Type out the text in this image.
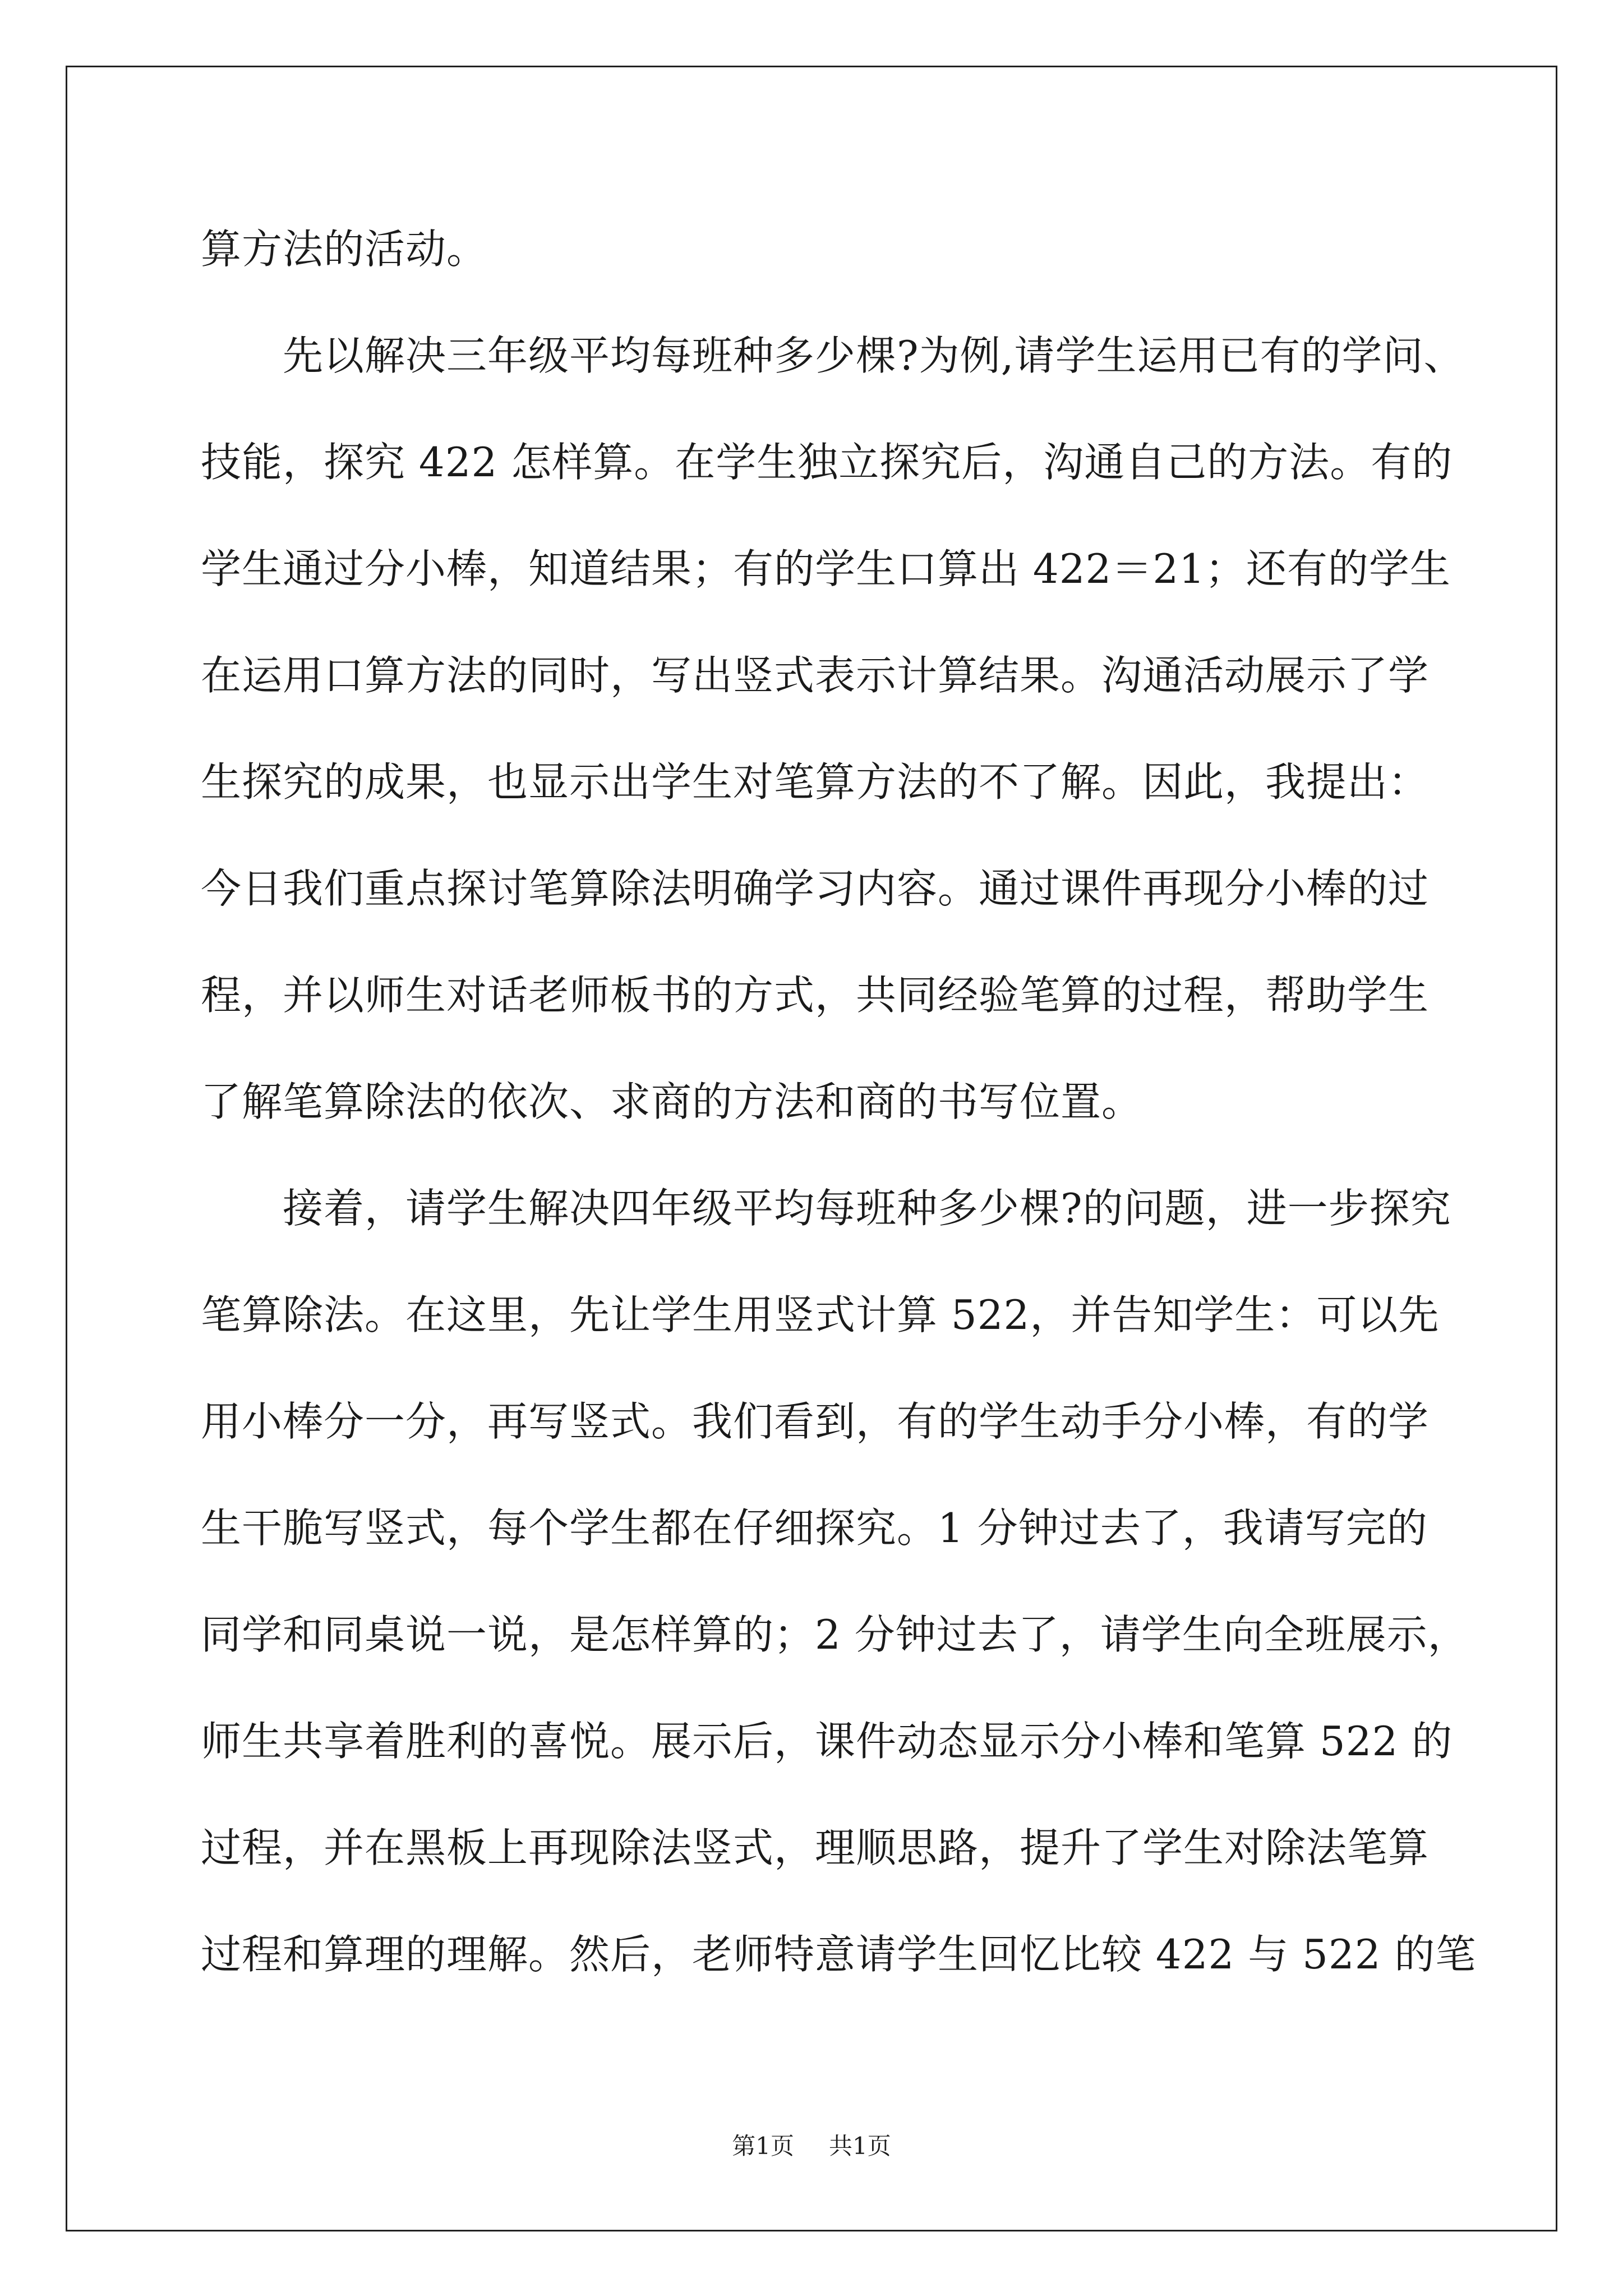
算方法的活动。
先以解决三年级平均每班种多少棵?为例,请学生运用已有的学问、
技能，探究 422 怎样算。在学生独立探究后，沟通自己的方法。有的
学生通过分小棒，知道结果；有的学生口算出 422＝21；还有的学生
在运用口算方法的同时，写出竖式表示计算结果。沟通活动展示了学
生探究的成果，也显示出学生对笔算方法的不了解。因此，我提出：
今日我们重点探讨笔算除法明确学习内容。通过课件再现分小棒的过
程，并以师生对话老师板书的方式，共同经验笔算的过程，帮助学生
了解笔算除法的依次、求商的方法和商的书写位置。
接着，请学生解决四年级平均每班种多少棵?的问题，进一步探究
笔算除法。在这里，先让学生用竖式计算 522，并告知学生：可以先
用小棒分一分，再写竖式。我们看到，有的学生动手分小棒，有的学
生干脆写竖式，每个学生都在仔细探究。1 分钟过去了，我请写完的
同学和同桌说一说，是怎样算的；2 分钟过去了，请学生向全班展示，
师生共享着胜利的喜悦。展示后，课件动态显示分小棒和笔算 522 的
过程，并在黑板上再现除法竖式，理顺思路，提升了学生对除法笔算
过程和算理的理解。然后，老师特意请学生回忆比较 422 与 522 的笔
第1页 共1页
